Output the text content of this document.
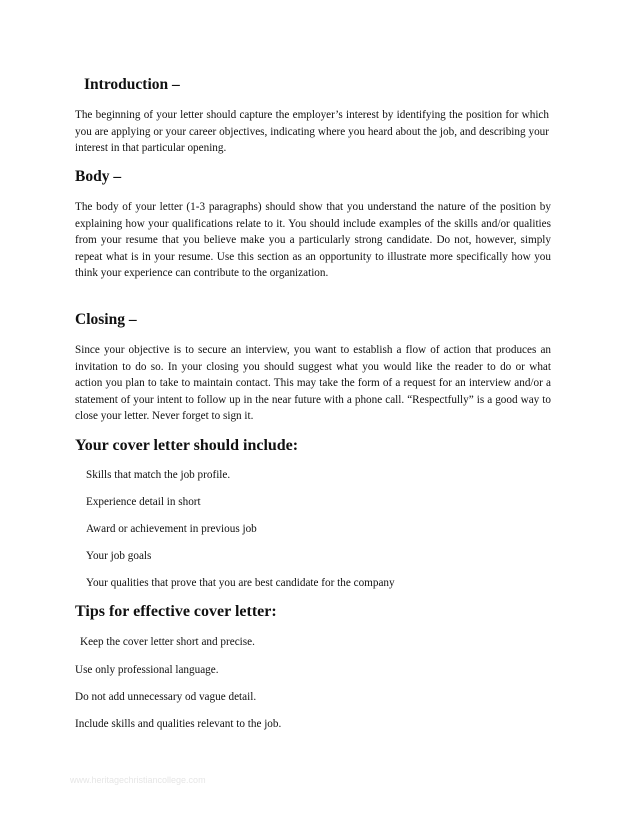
Introduction –
The beginning of your letter should capture the employer’s interest by identifying the position for which you are applying or your career objectives, indicating where you heard about the job, and describing your interest in that particular opening.
Body –
The body of your letter (1-3 paragraphs) should show that you understand the nature of the position by explaining how your qualifications relate to it. You should include examples of the skills and/or qualities from your resume that you believe make you a particularly strong candidate. Do not, however, simply repeat what is in your resume. Use this section as an opportunity to illustrate more specifically how you think your experience can contribute to the organization.
Closing –
Since your objective is to secure an interview, you want to establish a flow of action that produces an invitation to do so. In your closing you should suggest what you would like the reader to do or what action you plan to take to maintain contact. This may take the form of a request for an interview and/or a statement of your intent to follow up in the near future with a phone call. “Respectfully” is a good way to close your letter. Never forget to sign it.
Your cover letter should include:
Skills that match the job profile.
Experience detail in short
Award or achievement in previous job
Your job goals
Your qualities that prove that you are best candidate for the company
Tips for effective cover letter:
Keep the cover letter short and precise.
Use only professional language.
Do not add unnecessary od vague detail.
Include skills and qualities relevant to the job.
www.heritagechristiancollege.com
